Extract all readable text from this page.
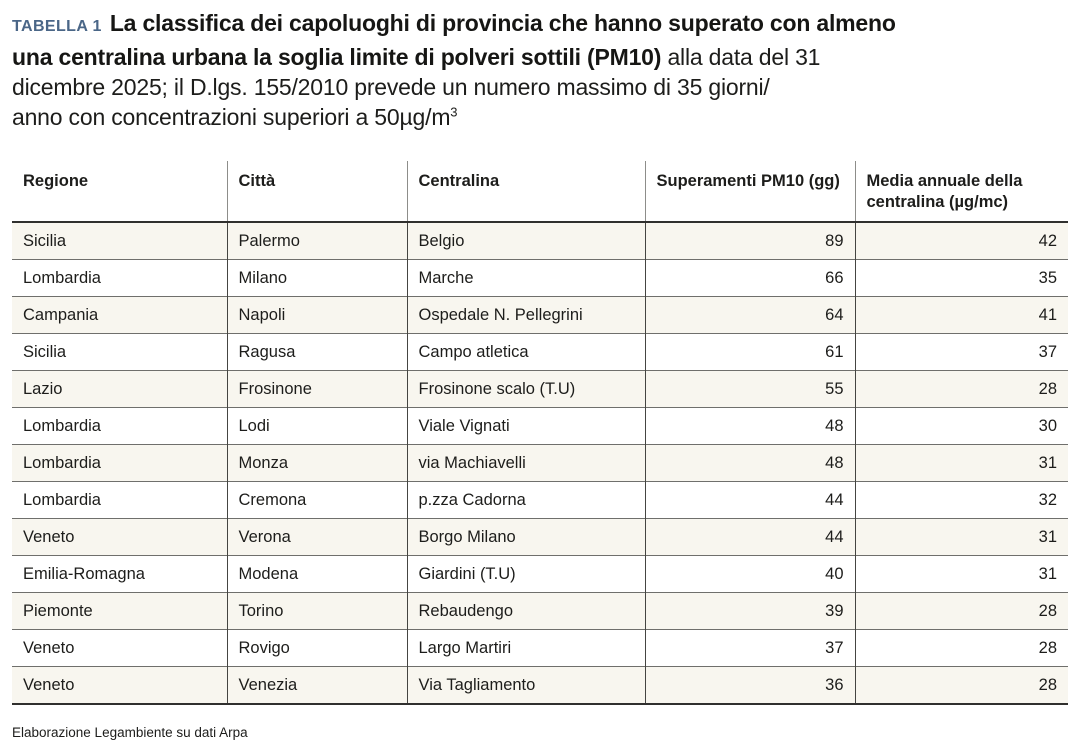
TABELLA 1 La classifica dei capoluoghi di provincia che hanno superato con almeno
una centralina urbana la soglia limite di polveri sottili (PM10) alla data del 31
dicembre 2025; il D.lgs. 155/2010 prevede un numero massimo di 35 giorni/
anno con concentrazioni superiori a $50\mu g/m^3$

Regione	Città	Centralina	Superamenti PM10 (gg)	Media annuale della centralina (µg/mc)
Sicilia	Palermo	Belgio	89	42
Lombardia	Milano	Marche	66	35
Campania	Napoli	Ospedale N. Pellegrini	64	41
Sicilia	Ragusa	Campo atletica	61	37
Lazio	Frosinone	Frosinone scalo (T.U)	55	28
Lombardia	Lodi	Viale Vignati	48	30
Lombardia	Monza	via Machiavelli	48	31
Lombardia	Cremona	p.zza Cadorna	44	32
Veneto	Verona	Borgo Milano	44	31
Emilia-Romagna	Modena	Giardini (T.U)	40	31
Piemonte	Torino	Rebaudengo	39	28
Veneto	Rovigo	Largo Martiri	37	28
Veneto	Venezia	Via Tagliamento	36	28
Elaborazione Legambiente su dati Arpa
